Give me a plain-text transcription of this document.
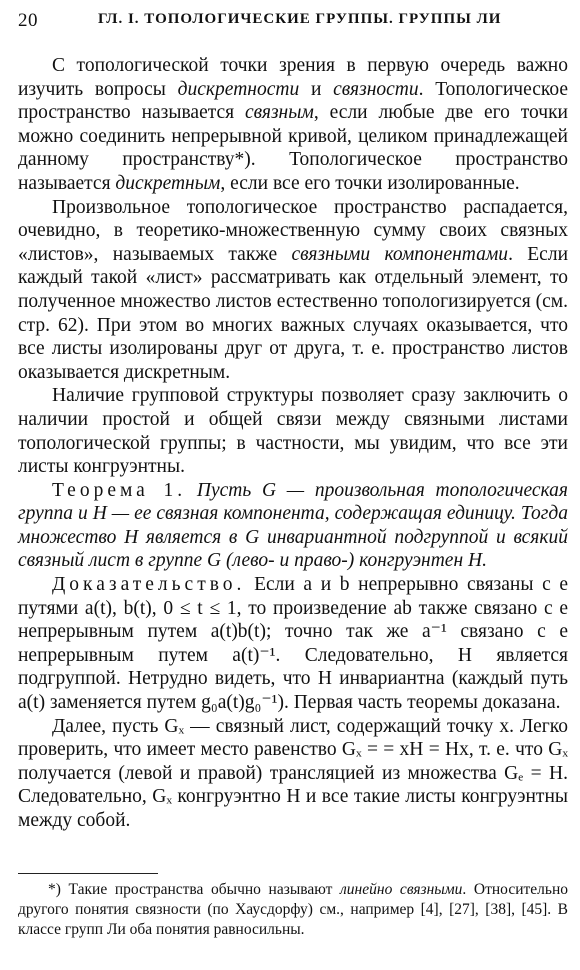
20	ГЛ. I. ТОПОЛОГИЧЕСКИЕ ГРУППЫ. ГРУППЫ ЛИ

С топологической точки зрения в первую очередь важно изучить вопросы дискретности и связности. Топологическое пространство называется связным, если любые две его точки можно соединить непрерывной кривой, целиком принадлежащей данному пространству*). Топологическое пространство называется дискретным, если все его точки изолированные.

Произвольное топологическое пространство распадается, очевидно, в теоретико-множественную сумму своих связных «листов», называемых также связными компонентами. Если каждый такой «лист» рассматривать как отдельный элемент, то полученное множество листов естественно топологизируется (см. стр. 62). При этом во многих важных случаях оказывается, что все листы изолированы друг от друга, т. е. пространство листов оказывается дискретным.

Наличие групповой структуры позволяет сразу заключить о наличии простой и общей связи между связными листами топологической группы; в частности, мы увидим, что все эти листы конгруэнтны.

Теорема 1. Пусть G — произвольная топологическая группа и H — ее связная компонента, содержащая единицу. Тогда множество H является в G инвариантной подгруппой и всякий связный лист в группе G (лево- и право-) конгруэнтен H.

Доказательство. Если a и b непрерывно связаны с e путями a(t), b(t), 0 ≤ t ≤ 1, то произведение ab также связано с e непрерывным путем a(t)b(t); точно так же a⁻¹ связано с e непрерывным путем a(t)⁻¹. Следовательно, H является подгруппой. Нетрудно видеть, что H инвариантна (каждый путь a(t) заменяется путем g₀a(t)g₀⁻¹). Первая часть теоремы доказана.

Далее, пусть Gₓ — связный лист, содержащий точку x. Легко проверить, что имеет место равенство Gₓ = = xH = Hx, т. е. что Gₓ получается (левой и правой) трансляцией из множества Gₑ = H. Следовательно, Gₓ конгруэнтно H и все такие листы конгруэнтны между собой.

*) Такие пространства обычно называют линейно связными. Относительно другого понятия связности (по Хаусдорфу) см., например [4], [27], [38], [45]. В классе групп Ли оба понятия равносильны.
